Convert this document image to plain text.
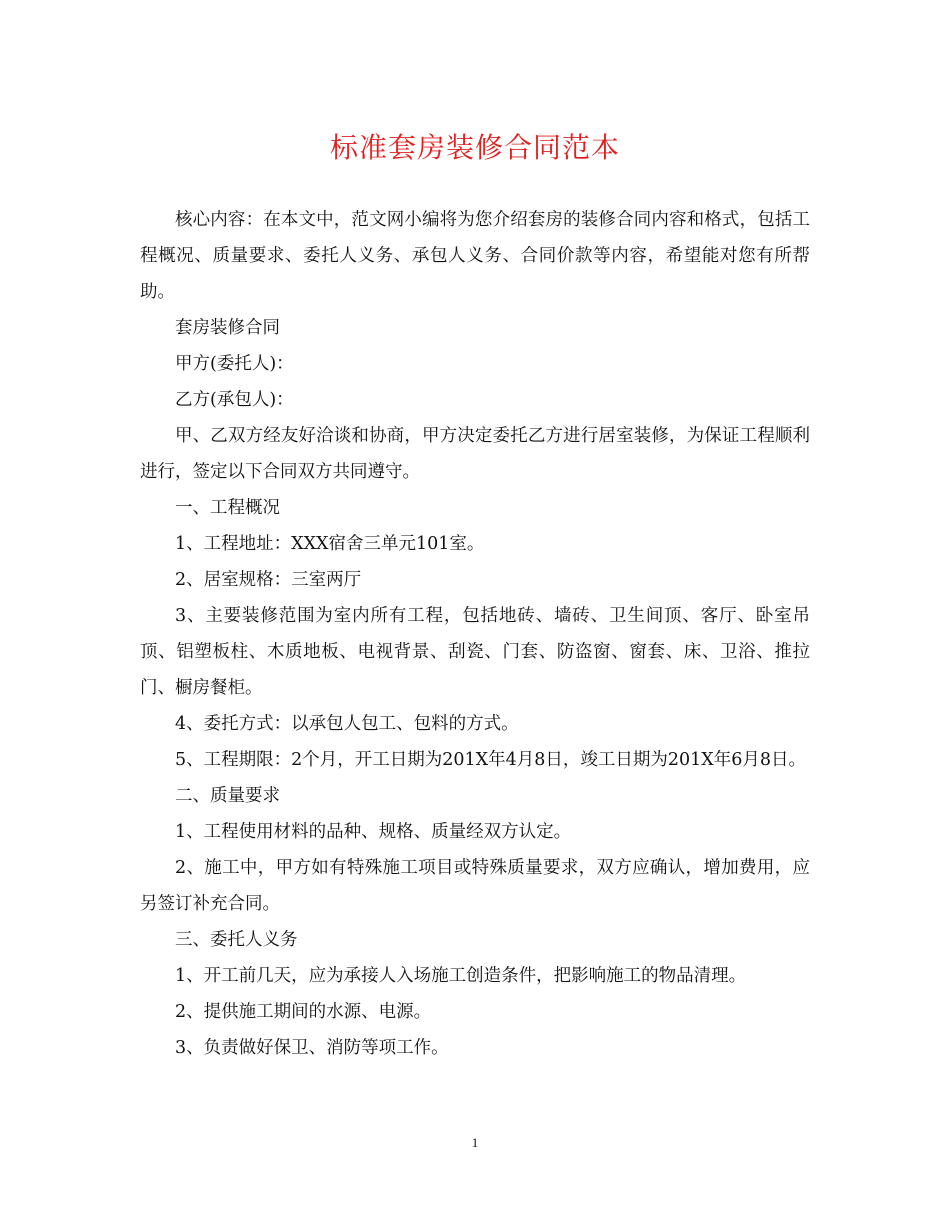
标准套房装修合同范本

核心内容：在本文中，范文网小编将为您介绍套房的装修合同内容和格式，包括工程概况、质量要求、委托人义务、承包人义务、合同价款等内容，希望能对您有所帮助。

套房装修合同

甲方(委托人)：

乙方(承包人)：

甲、乙双方经友好洽谈和协商，甲方决定委托乙方进行居室装修，为保证工程顺利进行，签定以下合同双方共同遵守。

一、工程概况

1、工程地址：XXX宿舍三单元101室。

2、居室规格：三室两厅

3、主要装修范围为室内所有工程，包括地砖、墙砖、卫生间顶、客厅、卧室吊顶、铝塑板柱、木质地板、电视背景、刮瓷、门套、防盗窗、窗套、床、卫浴、推拉门、橱房餐柜。

4、委托方式：以承包人包工、包料的方式。

5、工程期限：2个月，开工日期为201X年4月8日，竣工日期为201X年6月8日。

二、质量要求

1、工程使用材料的品种、规格、质量经双方认定。

2、施工中，甲方如有特殊施工项目或特殊质量要求，双方应确认，增加费用，应另签订补充合同。

三、委托人义务

1、开工前几天，应为承接人入场施工创造条件，把影响施工的物品清理。

2、提供施工期间的水源、电源。

3、负责做好保卫、消防等项工作。

1
